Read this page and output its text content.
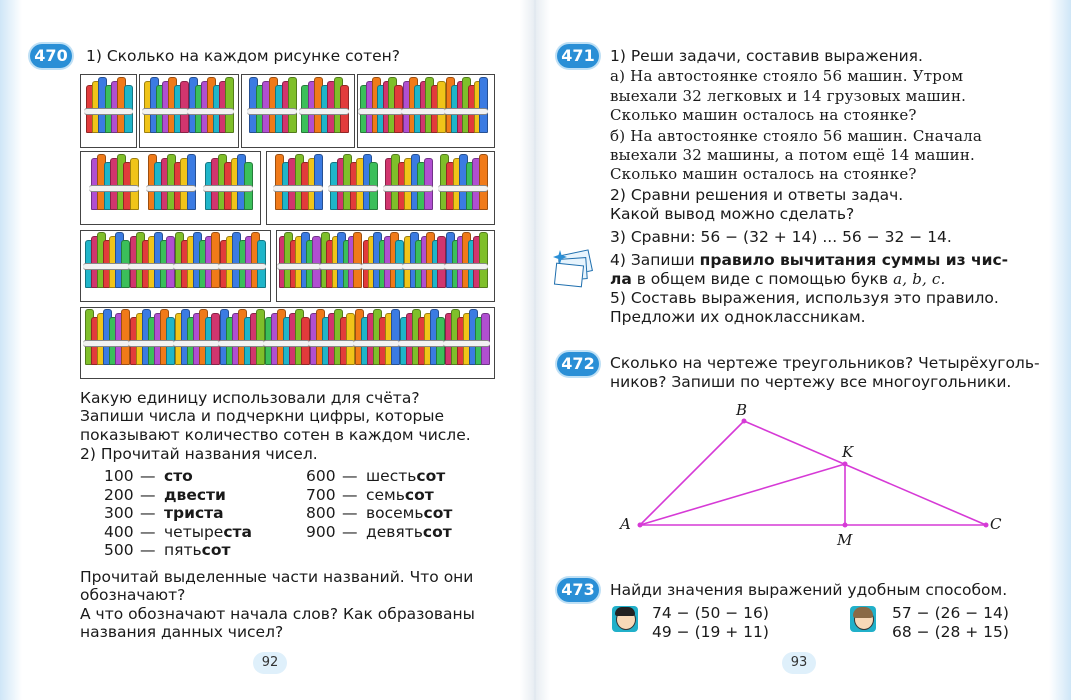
470 1) Сколько на каждом рисунке сотен?
Какую единицу использовали для счёта?
Запиши числа и подчеркни цифры, которые
показывают количество сотен в каждом числе.
2) Прочитай названия чисел.
100 — сто
200 — двести
300 — триста
400 — четыреста
500 — пятьсот
600 — шестьсот
700 — семьсот
800 — восемьсот
900 — девятьсот
Прочитай выделенные части названий. Что они
обозначают?
А что обозначают начала слов? Как образованы
названия данных чисел?
92
471 1) Реши задачи, составив выражения.
а) На автостоянке стояло 56 машин. Утром
выехали 32 легковых и 14 грузовых машин.
Сколько машин осталось на стоянке?
б) На автостоянке стояло 56 машин. Сначала
выехали 32 машины, а потом ещё 14 машин.
Сколько машин осталось на стоянке?
2) Сравни решения и ответы задач.
Какой вывод можно сделать?
3) Сравни: 56 − (32 + 14) ... 56 − 32 − 14.
4) Запиши правило вычитания суммы из чис-
ла в общем виде с помощью букв a, b, c.
5) Составь выражения, используя это правило.
Предложи их одноклассникам.
472 Сколько на чертеже треугольников? Четырёхуголь-
ников? Запиши по чертежу все многоугольники.
A
B
C
K
M
473 Найди значения выражений удобным способом.
74 − (50 − 16)
49 − (19 + 11)
57 − (26 − 14)
68 − (28 + 15)
93
